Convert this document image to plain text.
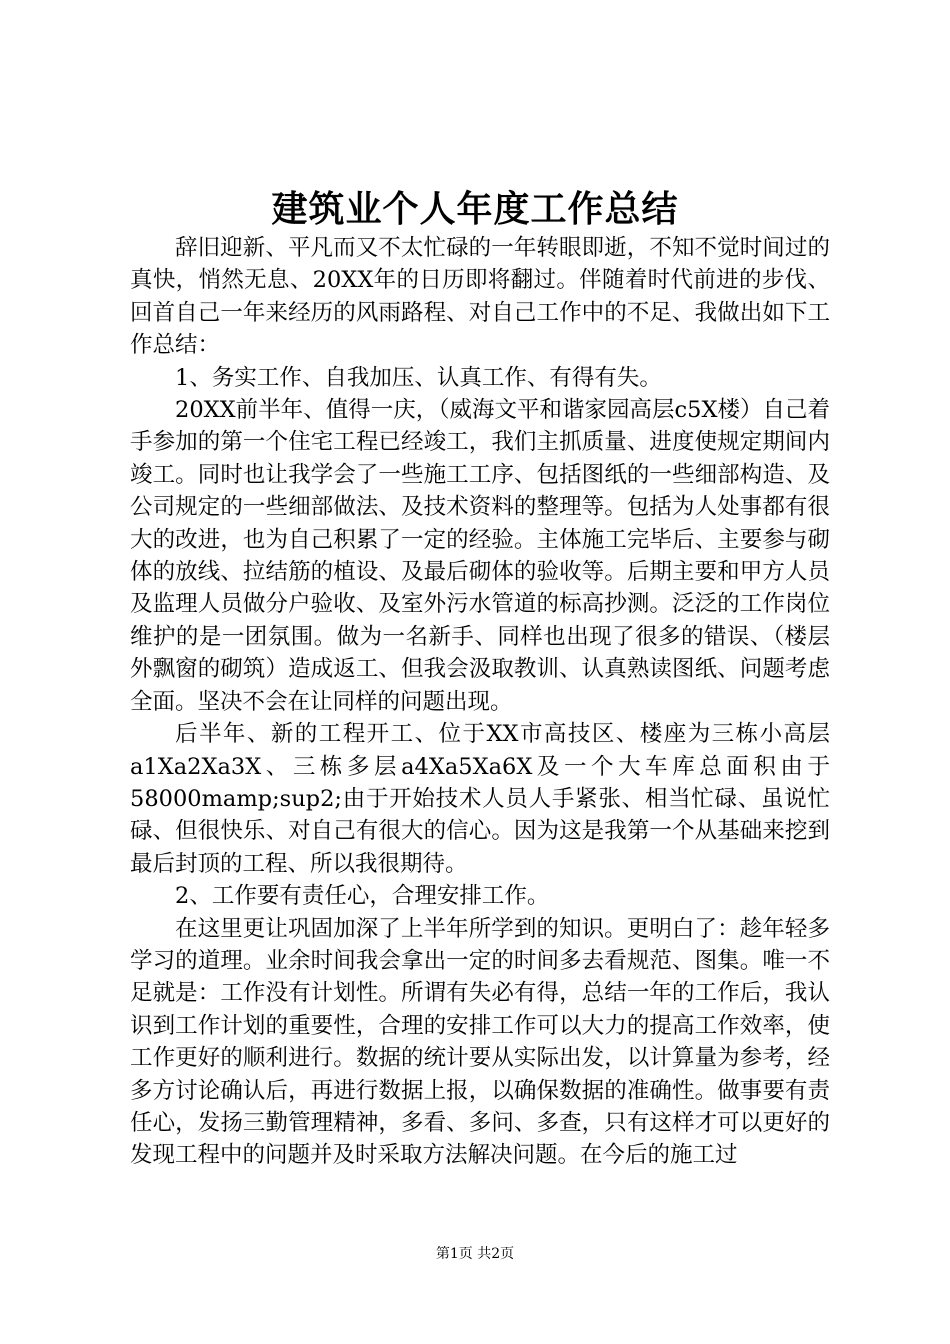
建筑业个人年度工作总结

辞旧迎新、平凡而又不太忙碌的一年转眼即逝，不知不觉时间过的真快，悄然无息、20XX年的日历即将翻过。伴随着时代前进的步伐、回首自己一年来经历的风雨路程、对自己工作中的不足、我做出如下工作总结：

1、务实工作、自我加压、认真工作、有得有失。

20XX前半年、值得一庆，（威海文平和谐家园高层c5X楼）自己着手参加的第一个住宅工程已经竣工，我们主抓质量、进度使规定期间内竣工。同时也让我学会了一些施工工序、包括图纸的一些细部构造、及公司规定的一些细部做法、及技术资料的整理等。包括为人处事都有很大的改进，也为自己积累了一定的经验。主体施工完毕后、主要参与砌体的放线、拉结筋的植设、及最后砌体的验收等。后期主要和甲方人员及监理人员做分户验收、及室外污水管道的标高抄测。泛泛的工作岗位维护的是一团氛围。做为一名新手、同样也出现了很多的错误、（楼层外飘窗的砌筑）造成返工、但我会汲取教训、认真熟读图纸、问题考虑全面。坚决不会在让同样的问题出现。

后半年、新的工程开工、位于XX市高技区、楼座为三栋小高层a1Xa2Xa3X、三栋多层a4Xa5Xa6X及一个大车库总面积由于58000mamp;sup2;由于开始技术人员人手紧张、相当忙碌、虽说忙碌、但很快乐、对自己有很大的信心。因为这是我第一个从基础来挖到最后封顶的工程、所以我很期待。

2、工作要有责任心，合理安排工作。

在这里更让巩固加深了上半年所学到的知识。更明白了：趁年轻多学习的道理。业余时间我会拿出一定的时间多去看规范、图集。唯一不足就是：工作没有计划性。所谓有失必有得，总结一年的工作后，我认识到工作计划的重要性，合理的安排工作可以大力的提高工作效率，使工作更好的顺利进行。数据的统计要从实际出发，以计算量为参考，经多方讨论确认后，再进行数据上报，以确保数据的准确性。做事要有责任心，发扬三勤管理精神，多看、多问、多查，只有这样才可以更好的发现工程中的问题并及时采取方法解决问题。在今后的施工过

第1页 共2页
